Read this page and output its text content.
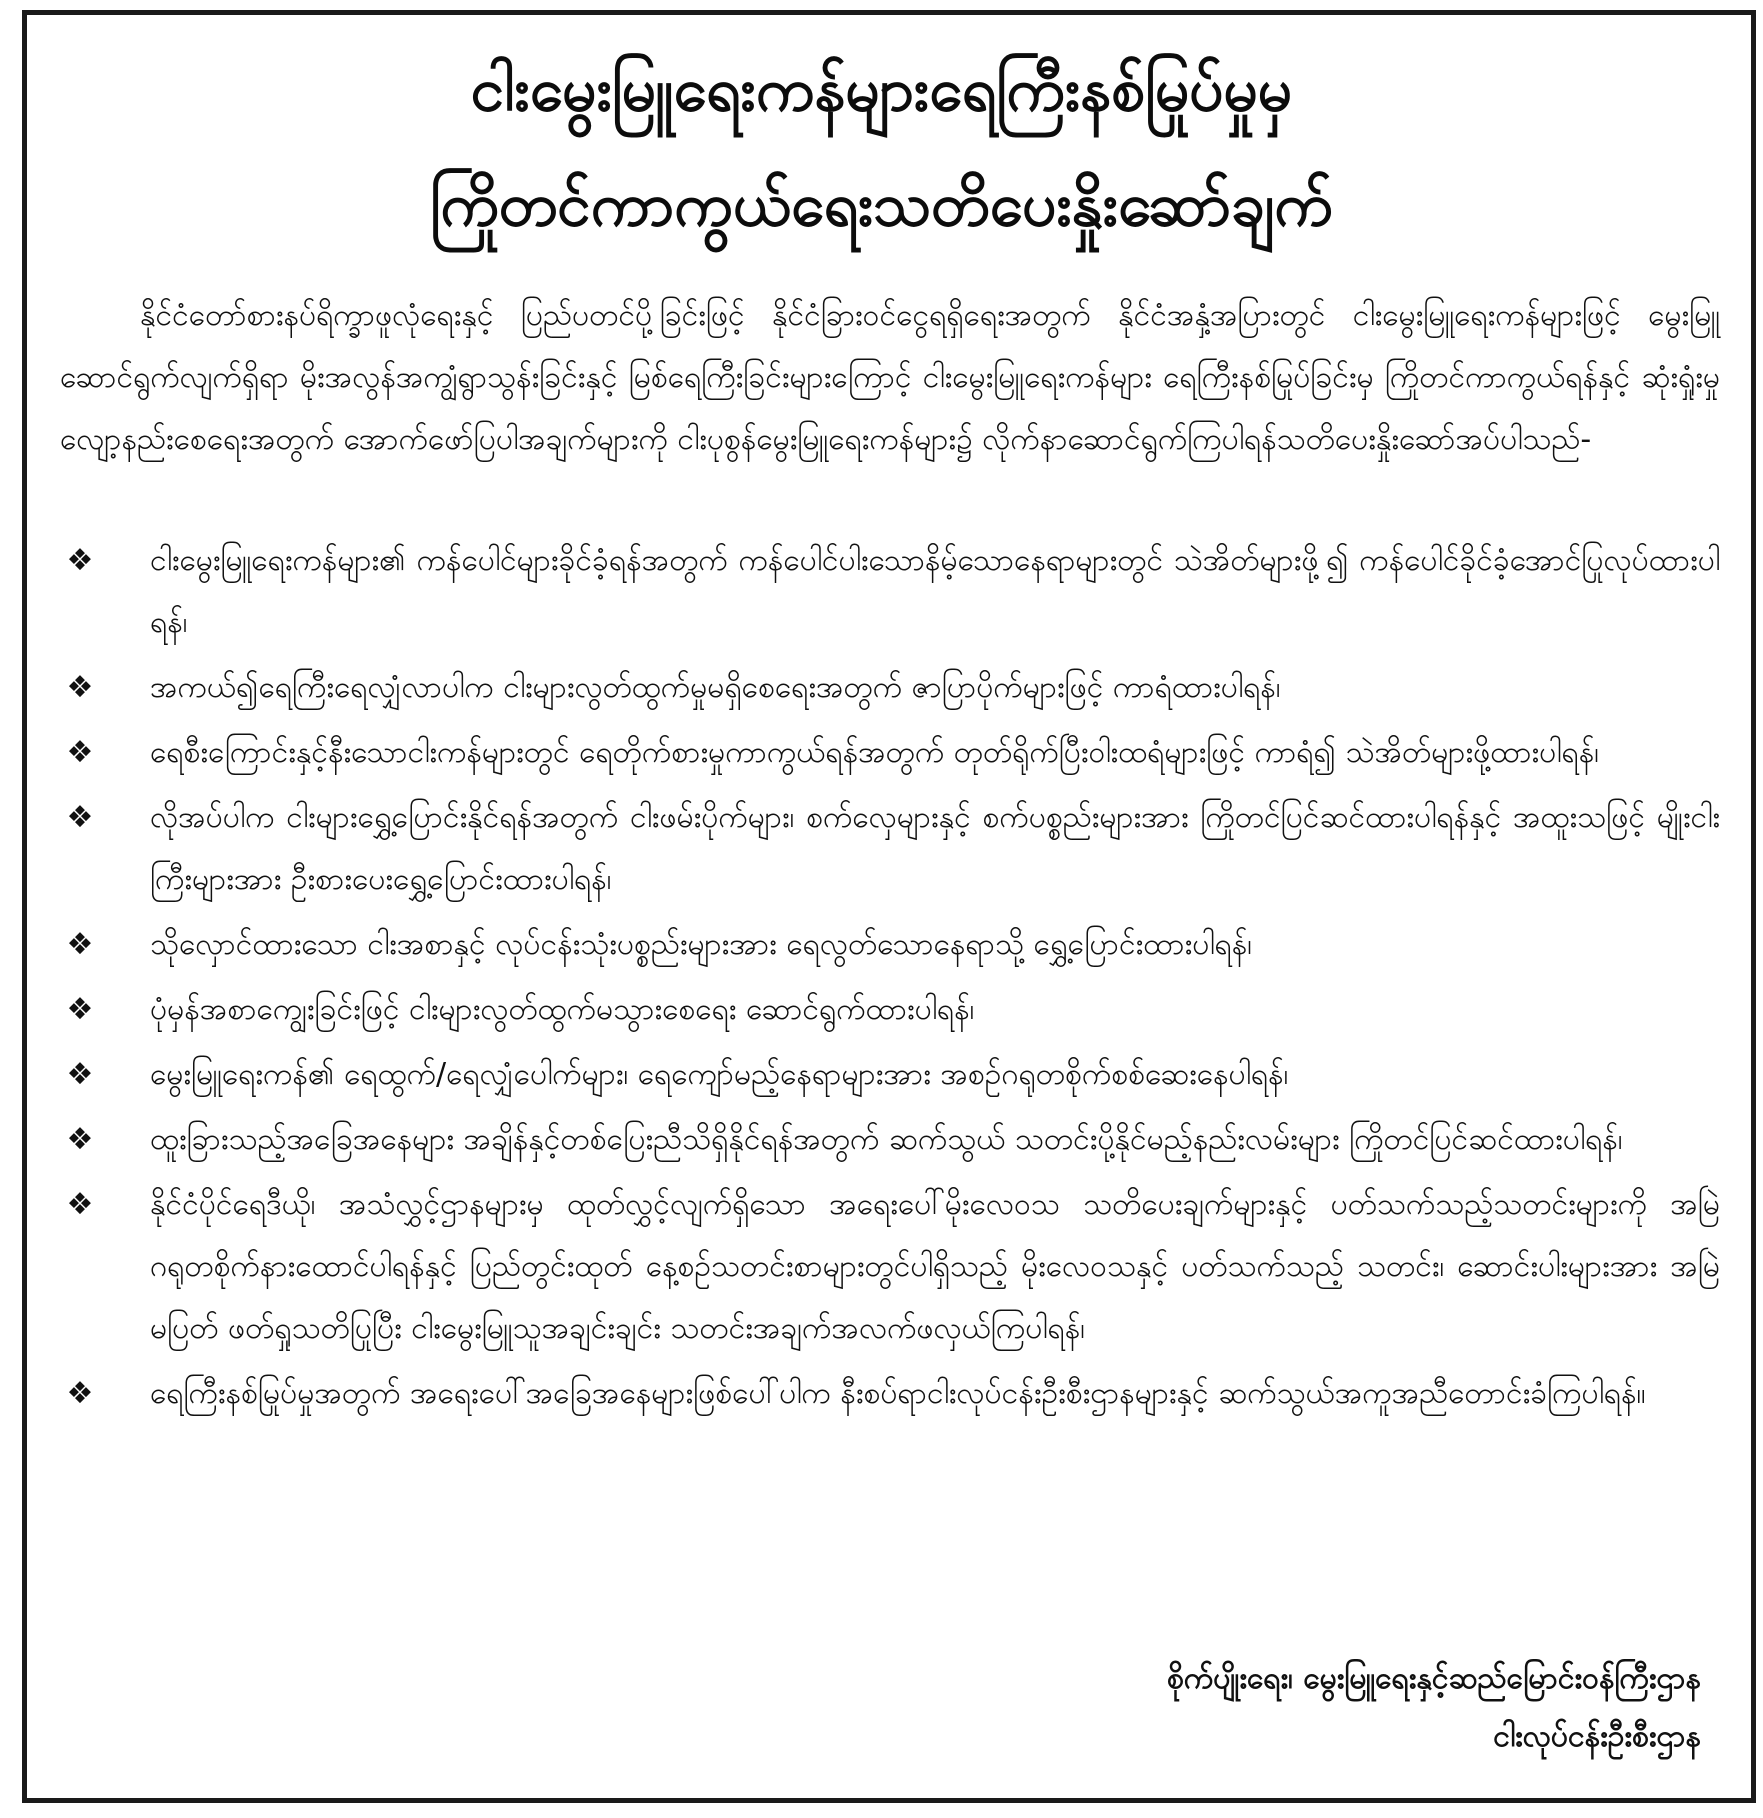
ငါးမွေးမြူရေးကန်များရေကြီးနစ်မြုပ်မှုမှ
ကြိုတင်ကာကွယ်ရေးသတိပေးနှိုးဆော်ချက်

နိုင်ငံတော်စားနပ်ရိက္ခာဖူလုံရေးနှင့် ပြည်ပတင်ပို့ခြင်းဖြင့် နိုင်ငံခြားဝင်ငွေရရှိရေးအတွက် နိုင်ငံအနှံ့အပြားတွင် ငါးမွေးမြူရေးကန်များဖြင့် မွေးမြူဆောင်ရွက်လျက်ရှိရာ မိုးအလွန်အကျွံရွာသွန်းခြင်းနှင့် မြစ်ရေကြီးခြင်းများကြောင့် ငါးမွေးမြူရေးကန်များ ရေကြီးနစ်မြုပ်ခြင်းမှ ကြိုတင်ကာကွယ်ရန်နှင့် ဆုံးရှုံးမှုလျော့နည်းစေရေးအတွက် အောက်ဖော်ပြပါအချက်များကို ငါးပုစွန်မွေးမြူရေးကန်များ၌ လိုက်နာဆောင်ရွက်ကြပါရန်သတိပေးနှိုးဆော်အပ်ပါသည်-

❖ ငါးမွေးမြူရေးကန်များ၏ ကန်ပေါင်များခိုင်ခံ့ရန်အတွက် ကန်ပေါင်ပါးသောနိမ့်သောနေရာများတွင် သဲအိတ်များဖို့၍ ကန်ပေါင်ခိုင်ခံ့အောင်ပြုလုပ်ထားပါရန်၊
❖ အကယ်၍ရေကြီးရေလျှံလာပါက ငါးများလွတ်ထွက်မှုမရှိစေရေးအတွက် ဇာပြာပိုက်များဖြင့် ကာရံထားပါရန်၊
❖ ရေစီးကြောင်းနှင့်နီးသောငါးကန်များတွင် ရေတိုက်စားမှုကာကွယ်ရန်အတွက် တုတ်ရိုက်ပြီးဝါးထရံများဖြင့် ကာရံ၍ သဲအိတ်များဖို့ထားပါရန်၊
❖ လိုအပ်ပါက ငါးများရွှေ့ပြောင်းနိုင်ရန်အတွက် ငါးဖမ်းပိုက်များ၊ စက်လှေများနှင့် စက်ပစ္စည်းများအား ကြိုတင်ပြင်ဆင်ထားပါရန်နှင့် အထူးသဖြင့် မျိုးငါးကြီးများအား ဦးစားပေးရွှေ့ပြောင်းထားပါရန်၊
❖ သိုလှောင်ထားသော ငါးအစာနှင့် လုပ်ငန်းသုံးပစ္စည်းများအား ရေလွတ်သောနေရာသို့ ရွှေ့ပြောင်းထားပါရန်၊
❖ ပုံမှန်အစာကျွေးခြင်းဖြင့် ငါးများလွတ်ထွက်မသွားစေရေး ဆောင်ရွက်ထားပါရန်၊
❖ မွေးမြူရေးကန်၏ ရေထွက်/ရေလျှံပေါက်များ၊ ရေကျော်မည့်နေရာများအား အစဉ်ဂရုတစိုက်စစ်ဆေးနေပါရန်၊
❖ ထူးခြားသည့်အခြေအနေများ အချိန်နှင့်တစ်ပြေးညီသိရှိနိုင်ရန်အတွက် ဆက်သွယ် သတင်းပို့နိုင်မည့်နည်းလမ်းများ ကြိုတင်ပြင်ဆင်ထားပါရန်၊
❖ နိုင်ငံပိုင်ရေဒီယို၊ အသံလွှင့်ဌာနများမှ ထုတ်လွှင့်လျက်ရှိသော အရေးပေါ်မိုးလေဝသ သတိပေးချက်များနှင့် ပတ်သက်သည့်သတင်းများကို အမြဲဂရုတစိုက်နားထောင်ပါရန်နှင့် ပြည်တွင်းထုတ် နေ့စဉ်သတင်းစာများတွင်ပါရှိသည့် မိုးလေဝသနှင့် ပတ်သက်သည့် သတင်း၊ ဆောင်းပါးများအား အမြဲမပြတ် ဖတ်ရှုသတိပြုပြီး ငါးမွေးမြူသူအချင်းချင်း သတင်းအချက်အလက်ဖလှယ်ကြပါရန်၊
❖ ရေကြီးနစ်မြုပ်မှုအတွက် အရေးပေါ်အခြေအနေများဖြစ်ပေါ်ပါက နီးစပ်ရာငါးလုပ်ငန်းဦးစီးဌာနများနှင့် ဆက်သွယ်အကူအညီတောင်းခံကြပါရန်။
စိုက်ပျိုးရေး၊ မွေးမြူရေးနှင့်ဆည်မြောင်းဝန်ကြီးဌာန
ငါးလုပ်ငန်းဦးစီးဌာန
